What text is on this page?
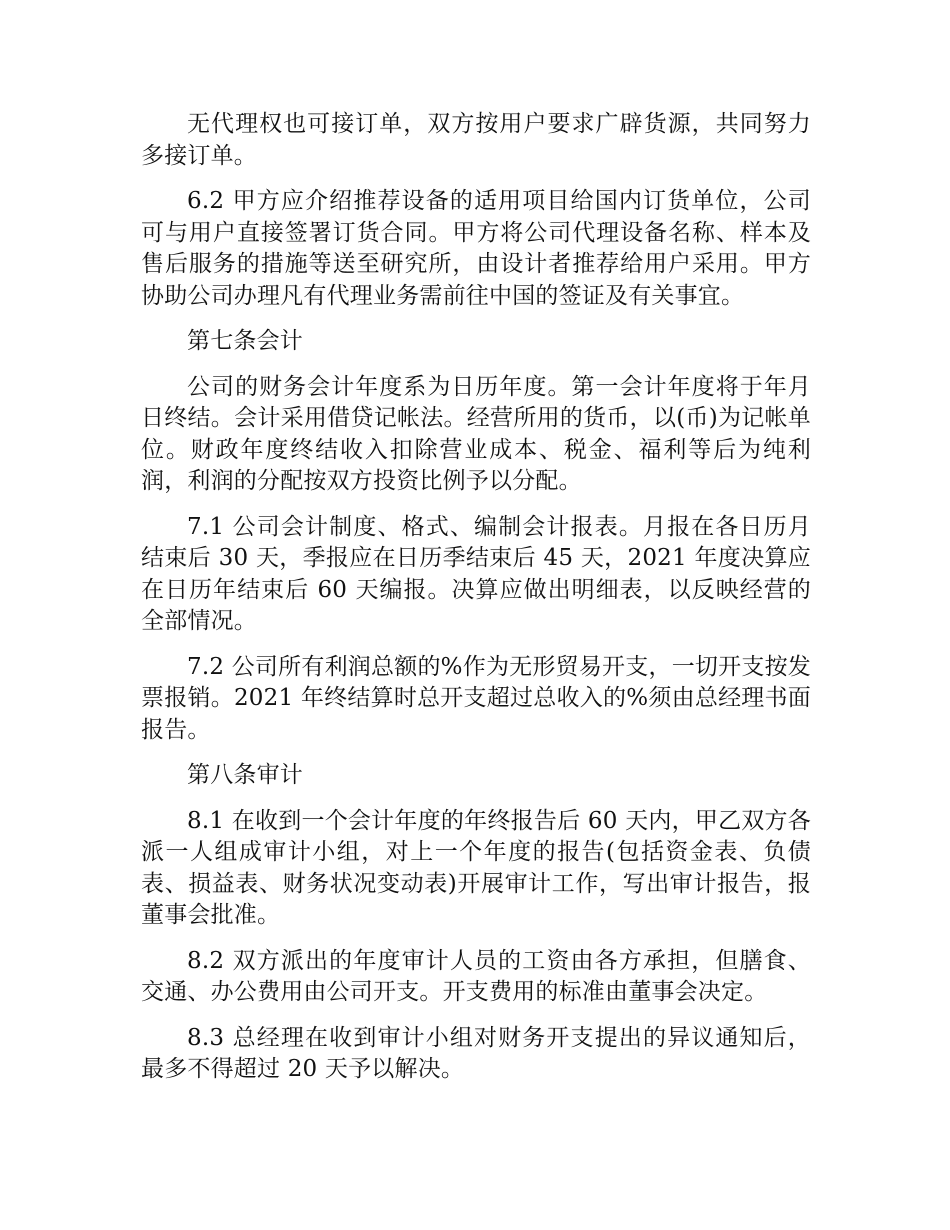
无代理权也可接订单，双方按用户要求广辟货源，共同努力多接订单。

6.2 甲方应介绍推荐设备的适用项目给国内订货单位，公司可与用户直接签署订货合同。甲方将公司代理设备名称、样本及售后服务的措施等送至研究所，由设计者推荐给用户采用。甲方协助公司办理凡有代理业务需前往中国的签证及有关事宜。

第七条会计

公司的财务会计年度系为日历年度。第一会计年度将于年月日终结。会计采用借贷记帐法。经营所用的货币，以(币)为记帐单位。财政年度终结收入扣除营业成本、税金、福利等后为纯利润，利润的分配按双方投资比例予以分配。

7.1 公司会计制度、格式、编制会计报表。月报在各日历月结束后 30 天，季报应在日历季结束后 45 天，2021 年度决算应在日历年结束后 60 天编报。决算应做出明细表，以反映经营的全部情况。

7.2 公司所有利润总额的%作为无形贸易开支，一切开支按发票报销。2021 年终结算时总开支超过总收入的%须由总经理书面报告。

第八条审计

8.1 在收到一个会计年度的年终报告后 60 天内，甲乙双方各派一人组成审计小组，对上一个年度的报告(包括资金表、负债表、损益表、财务状况变动表)开展审计工作，写出审计报告，报董事会批准。

8.2 双方派出的年度审计人员的工资由各方承担，但膳食、交通、办公费用由公司开支。开支费用的标准由董事会决定。

8.3 总经理在收到审计小组对财务开支提出的异议通知后，最多不得超过 20 天予以解决。
